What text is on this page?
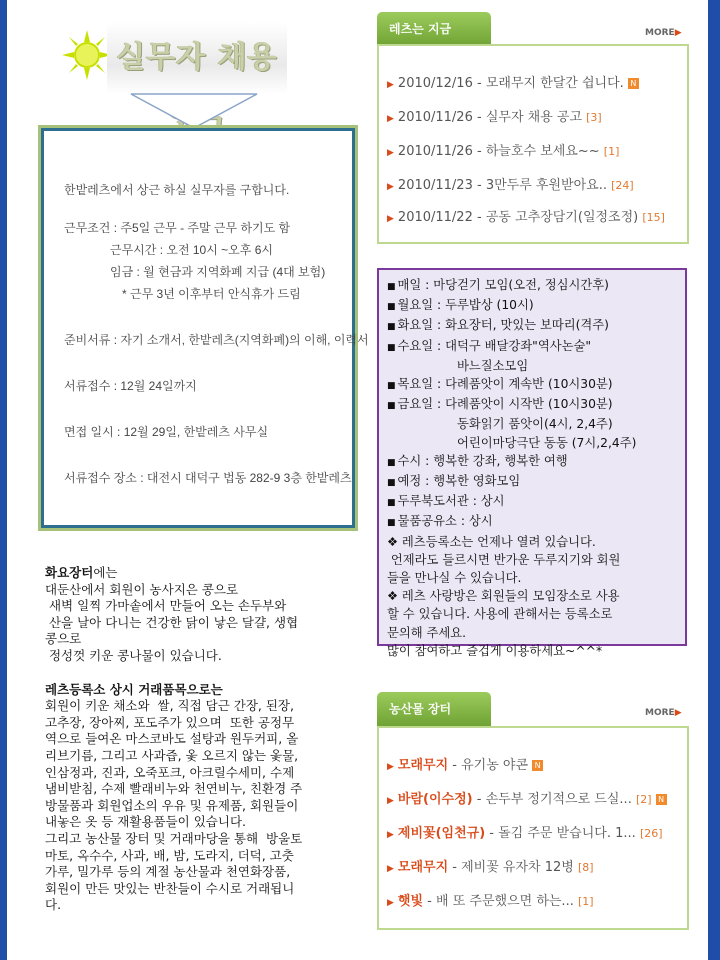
실무자 채용
한밭레츠에서 상근 하실 실무자를 구합니다.
근무조건 : 주5일 근무 - 주말 근무 하기도 함
근무시간 : 오전 10시 ~오후 6시
임금 : 월 현금과 지역화폐 지급 (4대 보험)
* 근무 3년 이후부터 안식휴가 드림
준비서류 : 자기 소개서, 한밭레츠(지역화폐)의 이해, 이력서
서류접수 : 12월 24일까지
면접 일시 : 12월 29일, 한밭레츠 사무실
서류접수 장소 : 대전시 대덕구 법동 282-9 3층 한밭레츠
화요장터에는
대둔산에서 회원이 농사지은 콩으로
새벽 일찍 가마솥에서 만들어 오는 손두부와
산을 날아 다니는 건강한 닭이 낳은 달걀, 생협
콩으로
정성껏 키운 콩나물이 있습니다.
레츠등록소 상시 거래품목으로는
회원이 키운 채소와  쌀, 직접 담근 간장, 된장,
고추장, 장아찌, 포도주가 있으며  또한 공정무
역으로 들여온 마스코바도 설탕과 원두커피, 올
리브기름, 그리고 사과즙, 옻 오르지 않는 옻물,
인삼정과, 진과, 오죽포크, 아크릴수세미, 수제
냄비받침, 수제 빨래비누와 천연비누, 친환경 주
방물품과 회원업소의 우유 및 유제품, 회원들이
내놓은 옷 등 재활용품들이 있습니다.
그리고 농산물 장터 및 거래마당을 통해  방울토
마토, 옥수수, 사과, 배, 밤, 도라지, 더덕, 고춧
가루, 밀가루 등의 계절 농산물과 천연화장품,
회원이 만든 맛있는 반찬들이 수시로 거래됩니
다.
레츠는 지금	MORE▶
▶ 2010/12/16 - 모래무지 한달간 쉽니다. N
▶ 2010/11/26 - 실무자 채용 공고 [3]
▶ 2010/11/26 - 하늘호수 보세요~~ [1]
▶ 2010/11/23 - 3만두루 후원받아요.. [24]
▶ 2010/11/22 - 공동 고추장담기(일정조정) [15]
■ 매일 : 마당걷기 모임(오전, 정심시간후)
■ 월요일 : 두루밥상 (10시)
■ 화요일 : 화요장터, 맛있는 보따리(격주)
■ 수요일 : 대덕구 배달강좌"역사논술"
바느질소모임
■ 목요일 : 다례품앗이 계속반 (10시30분)
■ 금요일 : 다례품앗이 시작반 (10시30분)
동화읽기 품앗이(4시, 2,4주)
어린이마당극단 동동 (7시,2,4주)
■ 수시 : 행복한 강좌, 행복한 여행
■ 예정 : 행복한 영화모임
■ 두루북도서관 : 상시
■ 물품공유소 : 상시
❖ 레츠등록소는 언제나 열려 있습니다.
언제라도 들르시면 반가운 두루지기와 회원
들을 만나실 수 있습니다.
❖ 레츠 사랑방은 회원들의 모임장소로 사용
할 수 있습니다. 사용에 관해서는 등록소로
문의해 주세요.
많이 참여하고 즐겁게 이용하세요~^^*
농산물 장터	MORE▶
▶ 모래무지 - 유기농 야콘 N
▶ 바람(이수정) - 손두부 정기적으로 드실... [2] N
▶ 제비꽃(임천규) - 돌김 주문 받습니다. 1... [26]
▶ 모래무지 - 제비꽃 유자차 12병 [8]
▶ 햇빛 - 배 또 주문했으면 하는... [1]
